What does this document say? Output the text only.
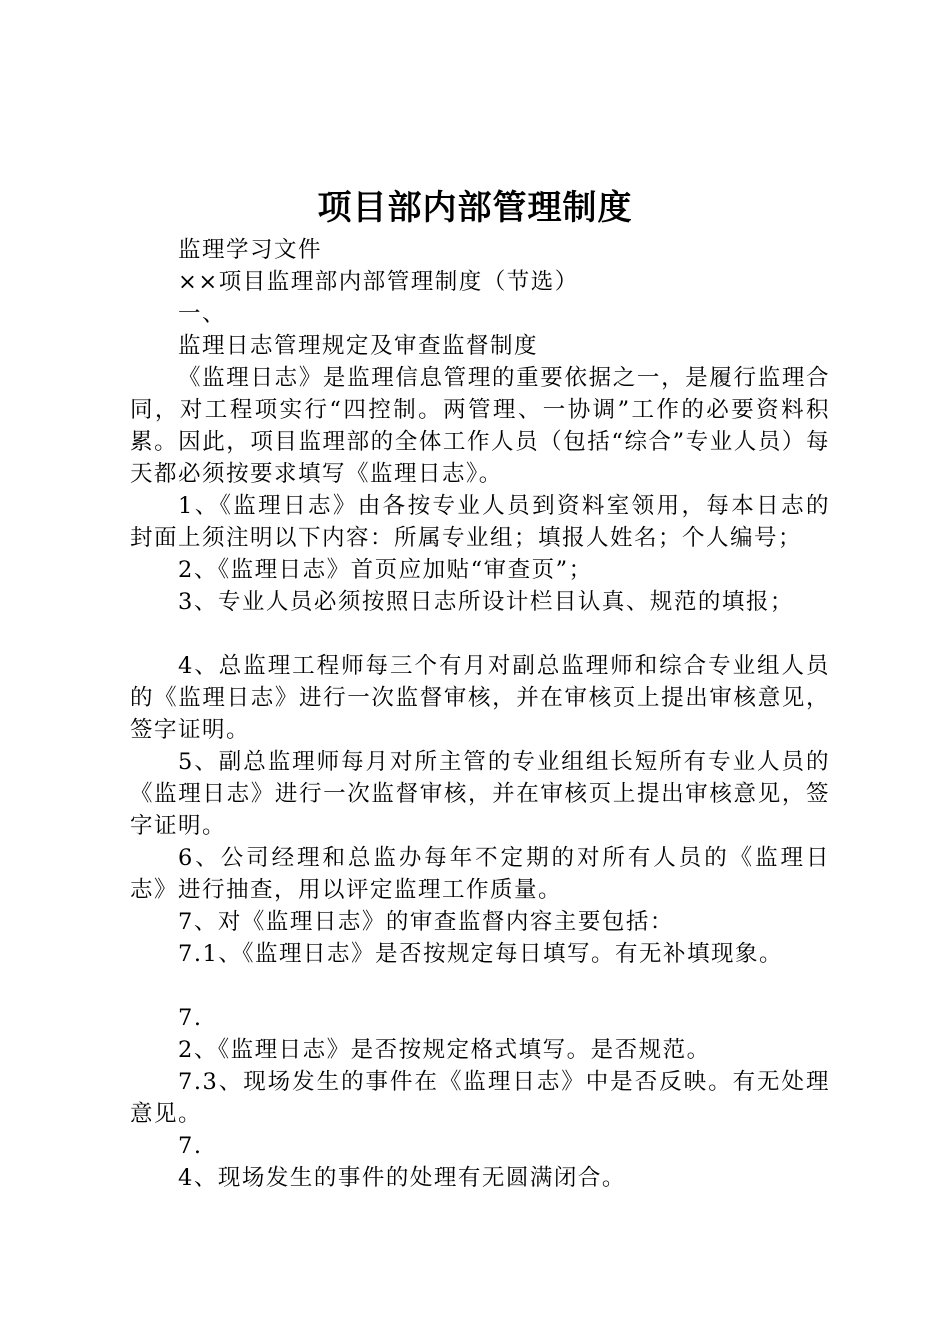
项目部内部管理制度

监理学习文件

××项目监理部内部管理制度（节选）

一、

监理日志管理规定及审查监督制度

《监理日志》是监理信息管理的重要依据之一，是履行监理合同，对工程项实行“四控制。两管理、一协调”工作的必要资料积累。因此，项目监理部的全体工作人员（包括“综合”专业人员）每天都必须按要求填写《监理日志》。

1、《监理日志》由各按专业人员到资料室领用，每本日志的封面上须注明以下内容：所属专业组；填报人姓名；个人编号；

2、《监理日志》首页应加贴“审查页”；

3、专业人员必须按照日志所设计栏目认真、规范的填报；

4、总监理工程师每三个有月对副总监理师和综合专业组人员的《监理日志》进行一次监督审核，并在审核页上提出审核意见，签字证明。

5、副总监理师每月对所主管的专业组组长短所有专业人员的《监理日志》进行一次监督审核，并在审核页上提出审核意见，签字证明。

6、公司经理和总监办每年不定期的对所有人员的《监理日志》进行抽查，用以评定监理工作质量。

7、对《监理日志》的审查监督内容主要包括：

7.1、《监理日志》是否按规定每日填写。有无补填现象。

7.

2、《监理日志》是否按规定格式填写。是否规范。

7.3、现场发生的事件在《监理日志》中是否反映。有无处理意见。

7.

4、现场发生的事件的处理有无圆满闭合。
